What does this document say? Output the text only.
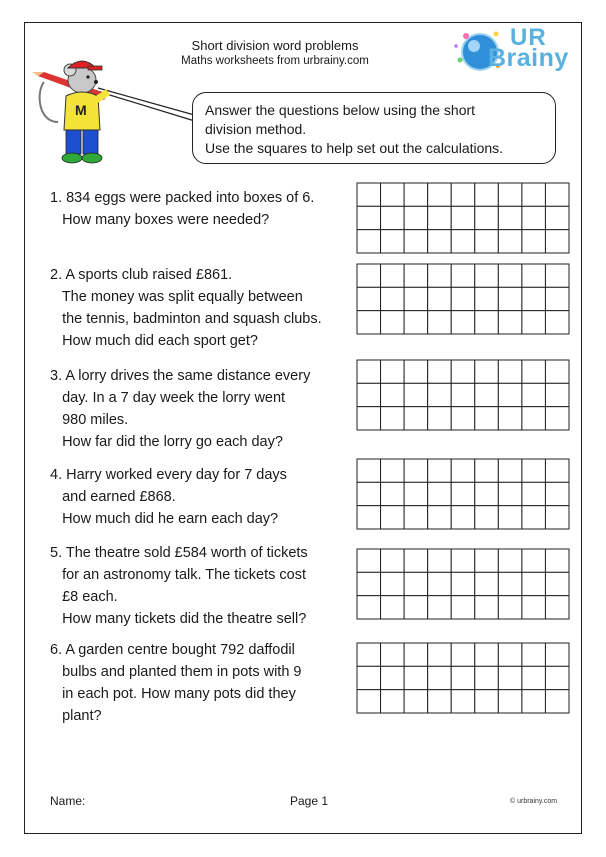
Short division word problems
Maths worksheets from urbrainy.com
UR
Brainy
M	Answer the questions below using the short
division method.
Use the squares to help set out the calculations.
1. 834 eggs were packed into boxes of 6.
How many boxes were needed?
2. A sports club raised £861.
The money was split equally between
the tennis, badminton and squash clubs.
How much did each sport get?
3. A lorry drives the same distance every
day. In a 7 day week the lorry went
980 miles.
How far did the lorry go each day?
4. Harry worked every day for 7 days
and earned £868.
How much did he earn each day?
5. The theatre sold £584 worth of tickets
for an astronomy talk. The tickets cost
£8 each.
How many tickets did the theatre sell?
6. A garden centre bought 792 daffodil
bulbs and planted them in pots with 9
in each pot. How many pots did they
plant?
Name:	Page 1	© urbrainy.com
